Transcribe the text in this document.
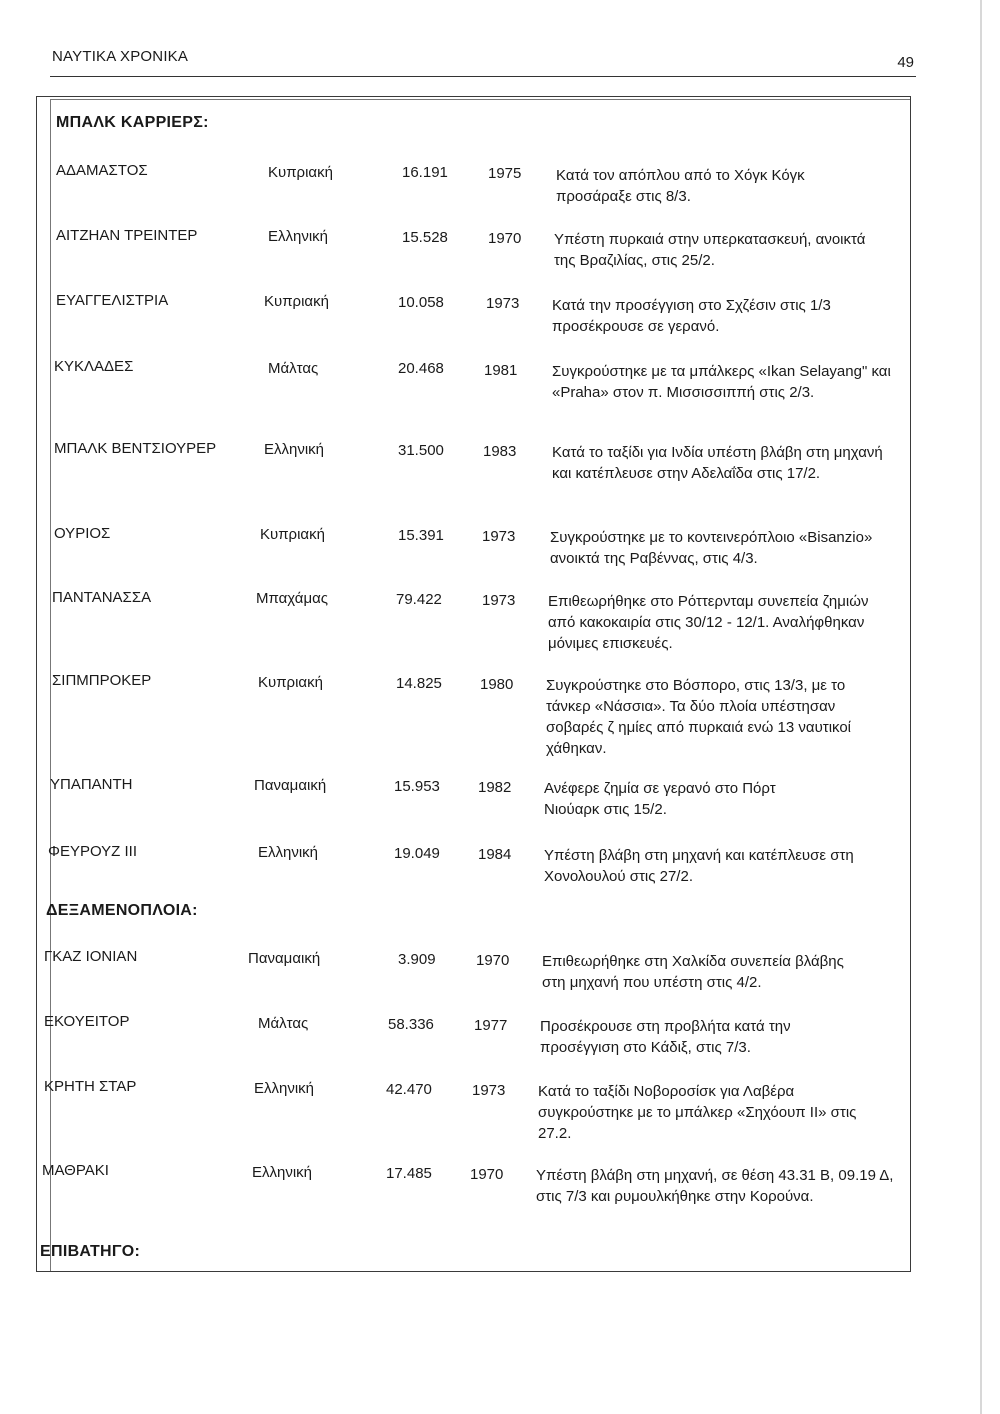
ΝΑΥΤΙΚΑ ΧΡΟΝΙΚΑ	49
ΜΠΑΛΚ ΚΑΡΡΙΕΡΣ:
ΑΔΑΜΑΣΤΟΣ	Κυπριακή	16.191	1975 Κατά τον απόπλου από το Χόγκ Κόγκ προσάραξε στις 8/3.
ΑΙΤΖΗΑΝ ΤΡΕΙΝΤΕΡ	Ελληνική	15.528	1970 Υπέστη πυρκαιά στην υπερκατασκευή, ανοικτά της Βραζιλίας, στις 25/2.
ΕΥΑΓΓΕΛΙΣΤΡΙΑ	Κυπριακή	10.058	1973 Κατά την προσέγγιση στο Σχζέσιν στις 1/3 προσέκρουσε σε γερανό.
ΚΥΚΛΑΔΕΣ	Μάλτας	20.468	1981 Συγκρούστηκε με τα μπάλκερς «Ikan Selayang" και «Praha» στον π. Μισσισσιππή στις 2/3.
ΜΠΑΛΚ ΒΕΝΤΣΙΟΥΡΕΡ	Ελληνική	31.500	1983 Κατά το ταξίδι για Ινδία υπέστη βλάβη στη μηχανή και κατέπλευσε στην Αδελαΐδα στις 17/2.
ΟΥΡΙΟΣ	Κυπριακή	15.391	1973 Συγκρούστηκε με το κοντεινερόπλοιο «Bisanzio» ανοικτά της Ραβέννας, στις 4/3.
ΠΑΝΤΑΝΑΣΣΑ	Μπαχάμας	79.422	1973 Επιθεωρήθηκε στο Ρόττερνταμ συνεπεία ζημιών από κακοκαιρία στις 30/12 - 12/1. Αναλήφθηκαν μόνιμες επισκευές.
ΣΙΠΜΠΡΟΚΕΡ	Κυπριακή	14.825	1980 Συγκρούστηκε στο Βόσπορο, στις 13/3, με το τάνκερ «Νάσσια». Τα δύο πλοία υπέστησαν σοβαρές ζ ημίες από πυρκαιά ενώ 13 ναυτικοί χάθηκαν.
ΥΠΑΠΑΝΤΗ	Παναμαική	15.953	1982 Ανέφερε ζημία σε γερανό στο Πόρτ Νιούαρκ στις 15/2.
ΦΕΥΡΟΥΖ III	Ελληνική	19.049	1984 Υπέστη βλάβη στη μηχανή και κατέπλευσε στη Χονολουλού στις 27/2.
ΔΕΞΑΜΕΝΟΠΛΟΙΑ:
ΓΚΑΖ ΙΟΝΙΑΝ	Παναμαική	3.909	1970 Επιθεωρήθηκε στη Χαλκίδα συνεπεία βλάβης στη μηχανή που υπέστη στις 4/2.
ΕΚΟΥΕΙΤΟΡ	Μάλτας	58.336	1977 Προσέκρουσε στη προβλήτα κατά την προσέγγιση στο Κάδιξ, στις 7/3.
ΚΡΗΤΗ ΣΤΑΡ	Ελληνική	42.470	1973 Κατά το ταξίδι Νοβοροσίσκ για Λαβέρα συγκρούστηκε με το μπάλκερ «Σηχόουπ II» στις 27.2.
ΜΑΘΡΑΚΙ	Ελληνική	17.485	1970 Υπέστη βλάβη στη μηχανή, σε θέση 43.31 Β, 09.19 Δ, στις 7/3 και ρυμουλκήθηκε στην Κορούνα.
ΕΠΙΒΑΤΗΓΟ:
